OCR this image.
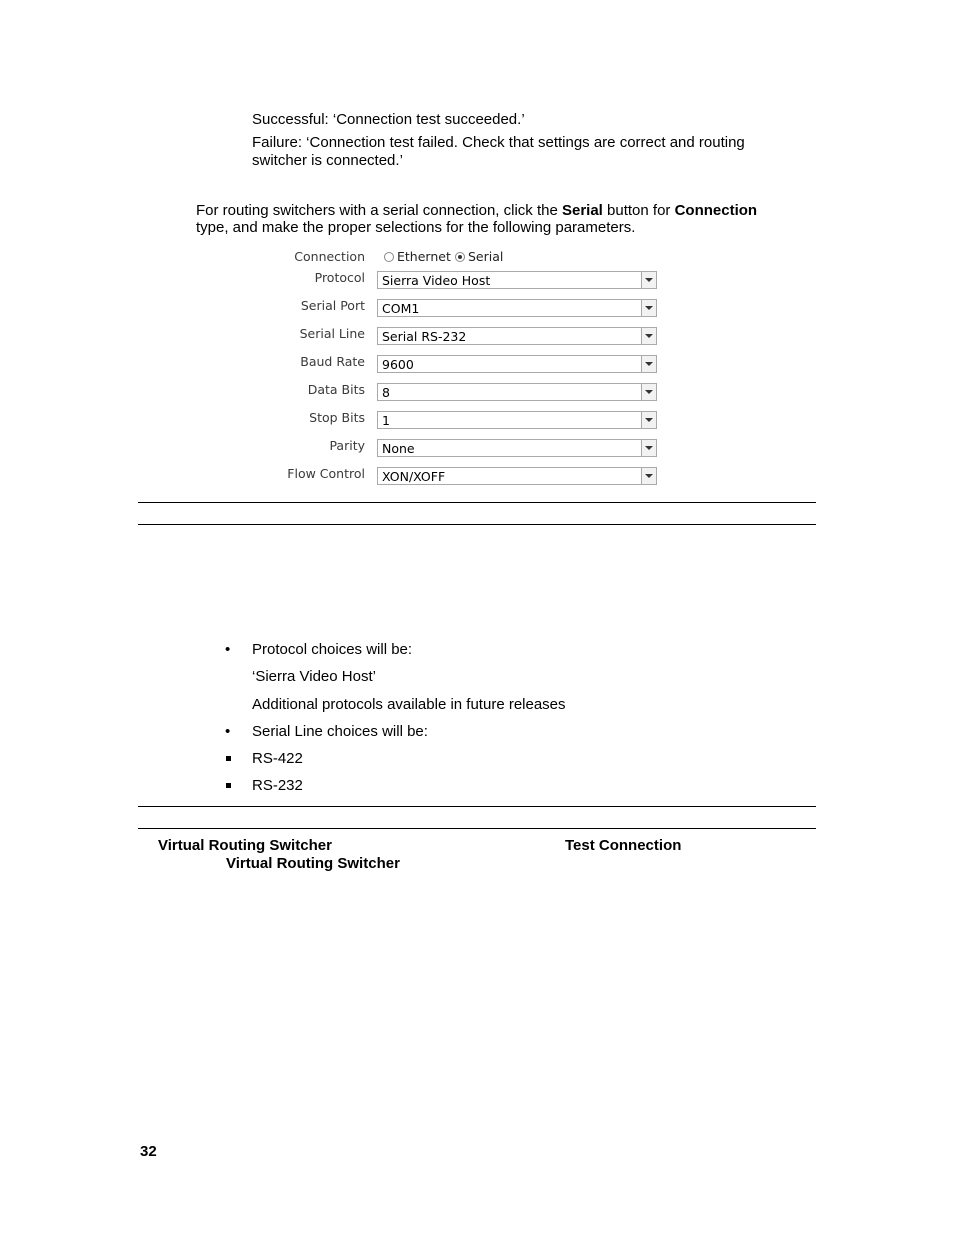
Successful: ‘Connection test succeeded.’
Failure: ‘Connection test failed. Check that settings are correct and routing
switcher is connected.’
For routing switchers with a serial connection, click the Serial button for Connection
type, and make the proper selections for the following parameters.
Connection	Ethernet Serial
Protocol Sierra Video Host
Serial Port COM1
Serial Line Serial RS-232
Baud Rate 9600
Data Bits 8
Stop Bits 1
Parity None
Flow Control XON/XOFF
• Protocol choices will be:
‘Sierra Video Host’
Additional protocols available in future releases
• Serial Line choices will be:
RS-422
RS-232
Virtual Routing Switcher	Test Connection
Virtual Routing Switcher
32
